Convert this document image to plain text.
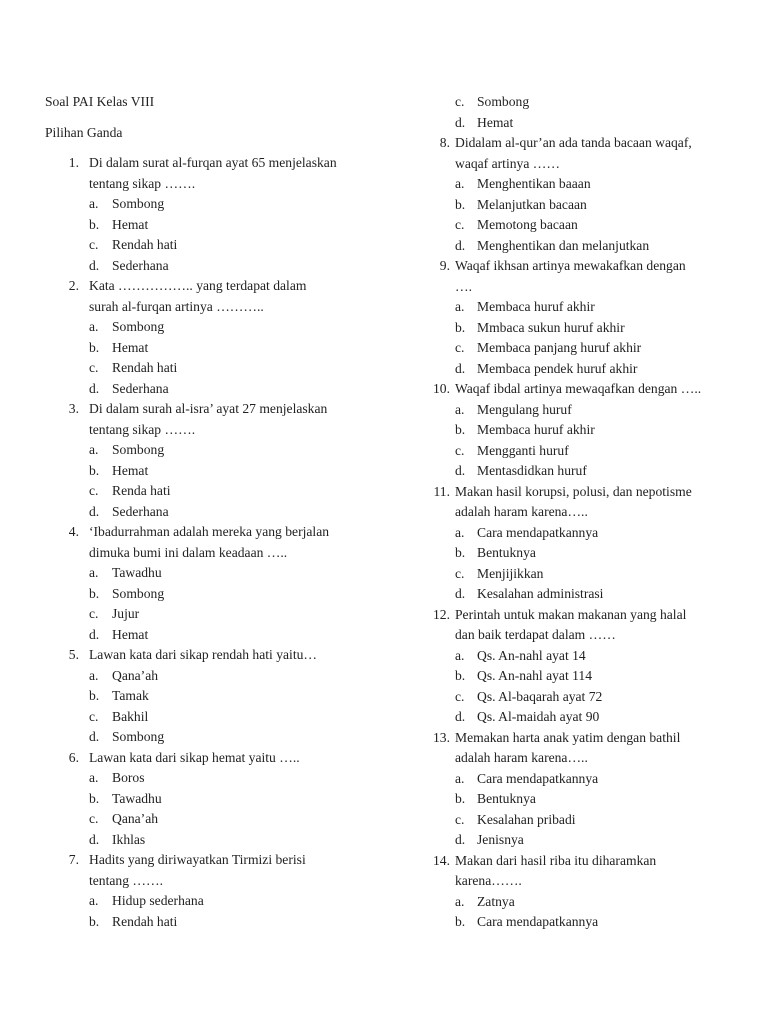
Soal PAI Kelas VIII
Pilihan Ganda
1. Di dalam surat al-furqan ayat 65 menjelaskan
tentang sikap …….
a. Sombong
b. Hemat
c. Rendah hati
d. Sederhana
2. Kata …………….. yang terdapat dalam
surah al-furqan artinya ………..
a. Sombong
b. Hemat
c. Rendah hati
d. Sederhana
3. Di dalam surah al-isra’ ayat 27 menjelaskan
tentang sikap …….
a. Sombong
b. Hemat
c. Renda hati
d. Sederhana
4. ‘Ibadurrahman adalah mereka yang berjalan
dimuka bumi ini dalam keadaan …..
a. Tawadhu
b. Sombong
c. Jujur
d. Hemat
5. Lawan kata dari sikap rendah hati yaitu…
a. Qana’ah
b. Tamak
c. Bakhil
d. Sombong
6. Lawan kata dari sikap hemat yaitu …..
a. Boros
b. Tawadhu
c. Qana’ah
d. Ikhlas
7. Hadits yang diriwayatkan Tirmizi berisi
tentang …….
a. Hidup sederhana
b. Rendah hati
c. Sombong
d. Hemat
8. Didalam al-qur’an ada tanda bacaan waqaf,
waqaf artinya ……
a. Menghentikan baaan
b. Melanjutkan bacaan
c. Memotong bacaan
d. Menghentikan dan melanjutkan
9. Waqaf ikhsan artinya mewakafkan dengan
….
a. Membaca huruf akhir
b. Mmbaca sukun huruf akhir
c. Membaca panjang huruf akhir
d. Membaca pendek huruf akhir
10. Waqaf ibdal artinya mewaqafkan dengan …..
a. Mengulang huruf
b. Membaca huruf akhir
c. Mengganti huruf
d. Mentasdidkan huruf
11. Makan hasil korupsi, polusi, dan nepotisme
adalah haram karena…..
a. Cara mendapatkannya
b. Bentuknya
c. Menjijikkan
d. Kesalahan administrasi
12. Perintah untuk makan makanan yang halal
dan baik terdapat dalam ……
a. Qs. An-nahl ayat 14
b. Qs. An-nahl ayat 114
c. Qs. Al-baqarah ayat 72
d. Qs. Al-maidah ayat 90
13. Memakan harta anak yatim dengan bathil
adalah haram karena…..
a. Cara mendapatkannya
b. Bentuknya
c. Kesalahan pribadi
d. Jenisnya
14. Makan dari hasil riba itu diharamkan
karena…….
a. Zatnya
b. Cara mendapatkannya
